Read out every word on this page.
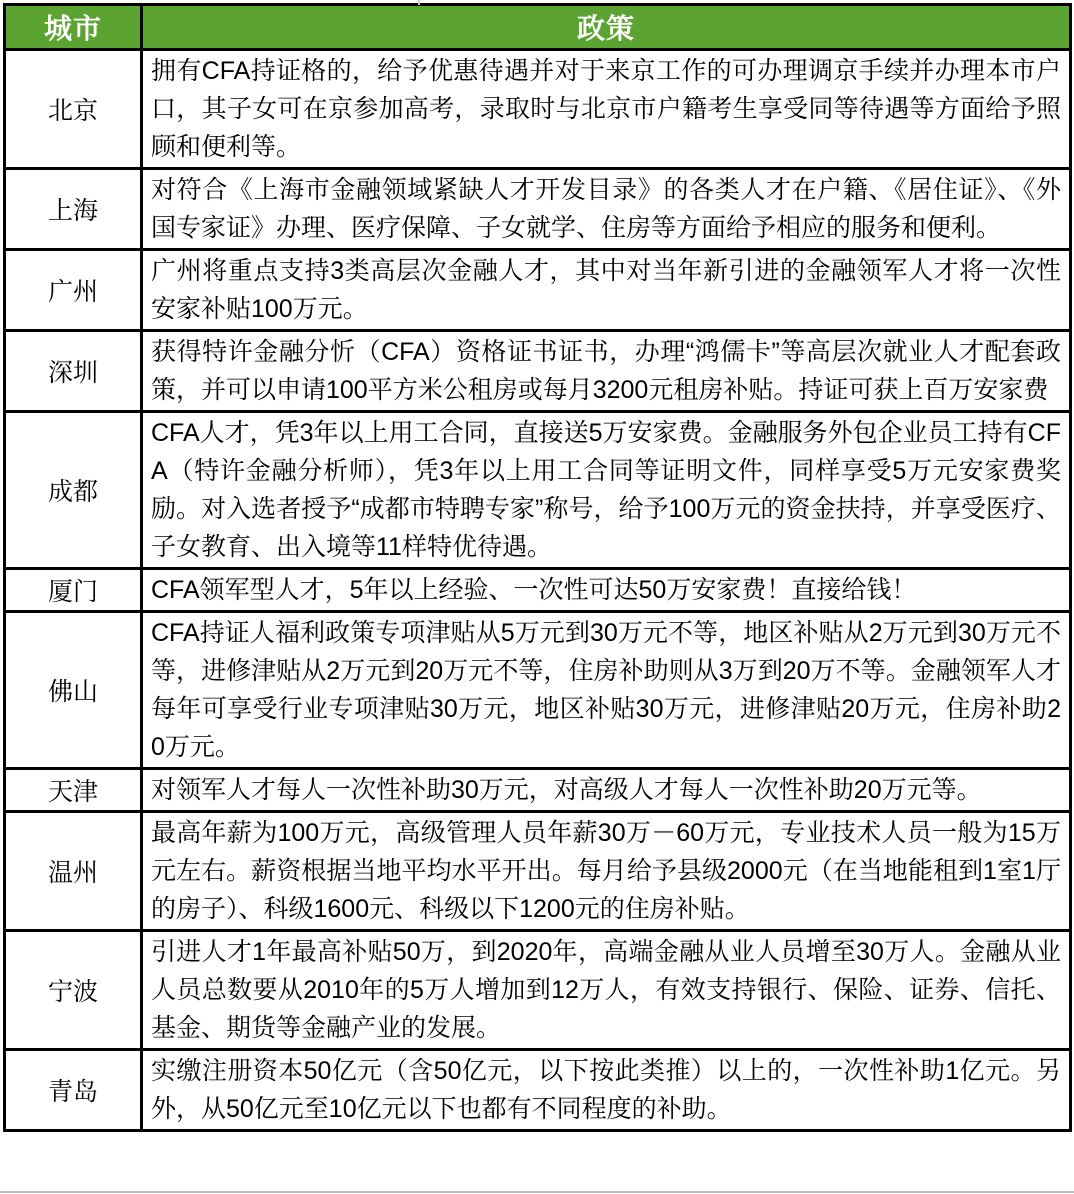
城市	政策
北京	拥有CFA持证格的，给予优惠待遇并对于来京工作的可办理调京手续并办理本市户口，其子女可在京参加高考，录取时与北京市户籍考生享受同等待遇等方面给予照顾和便利等。
上海	对符合《上海市金融领域紧缺人才开发目录》的各类人才在户籍、《居住证》、《外国专家证》办理、医疗保障、子女就学、住房等方面给予相应的服务和便利。
广州	广州将重点支持3类高层次金融人才，其中对当年新引进的金融领军人才将一次性安家补贴100万元。
深圳	获得特许金融分忻（CFA）资格证书证书，办理“鸿儒卡”等高层次就业人才配套政策，并可以申请100平方米公租房或每月3200元租房补贴。持证可获上百万安家费
成都	CFA人才，凭3年以上用工合同，直接送5万安家费。金融服务外包企业员工持有CFA（特许金融分析师），凭3年以上用工合同等证明文件，同样享受5万元安家费奖励。对入选者授予“成都市特聘专家”称号，给予100万元的资金扶持，并享受医疗、子女教育、出入境等11样特优待遇。
厦门	CFA领军型人才，5年以上经验、一次性可达50万安家费！直接给钱！
佛山	CFA持证人福利政策专项津贴从5万元到30万元不等，地区补贴从2万元到30万元不等，进修津贴从2万元到20万元不等，住房补助则从3万到20万不等。金融领军人才每年可享受行业专项津贴30万元，地区补贴30万元，进修津贴20万元，住房补助20万元。
天津	对领军人才每人一次性补助30万元，对高级人才每人一次性补助20万元等。
温州	最高年薪为100万元，高级管理人员年薪30万－60万元，专业技术人员一般为15万元左右。薪资根据当地平均水平开出。每月给予县级2000元（在当地能租到1室1厅的房子）、科级1600元、科级以下1200元的住房补贴。
宁波	引进人才1年最高补贴50万，到2020年，高端金融从业人员增至30万人。金融从业人员总数要从2010年的5万人增加到12万人，有效支持银行、保险、证券、信托、基金、期货等金融产业的发展。
青岛	实缴注册资本50亿元（含50亿元，以下按此类推）以上的，一次性补助1亿元。另外，从50亿元至10亿元以下也都有不同程度的补助。
